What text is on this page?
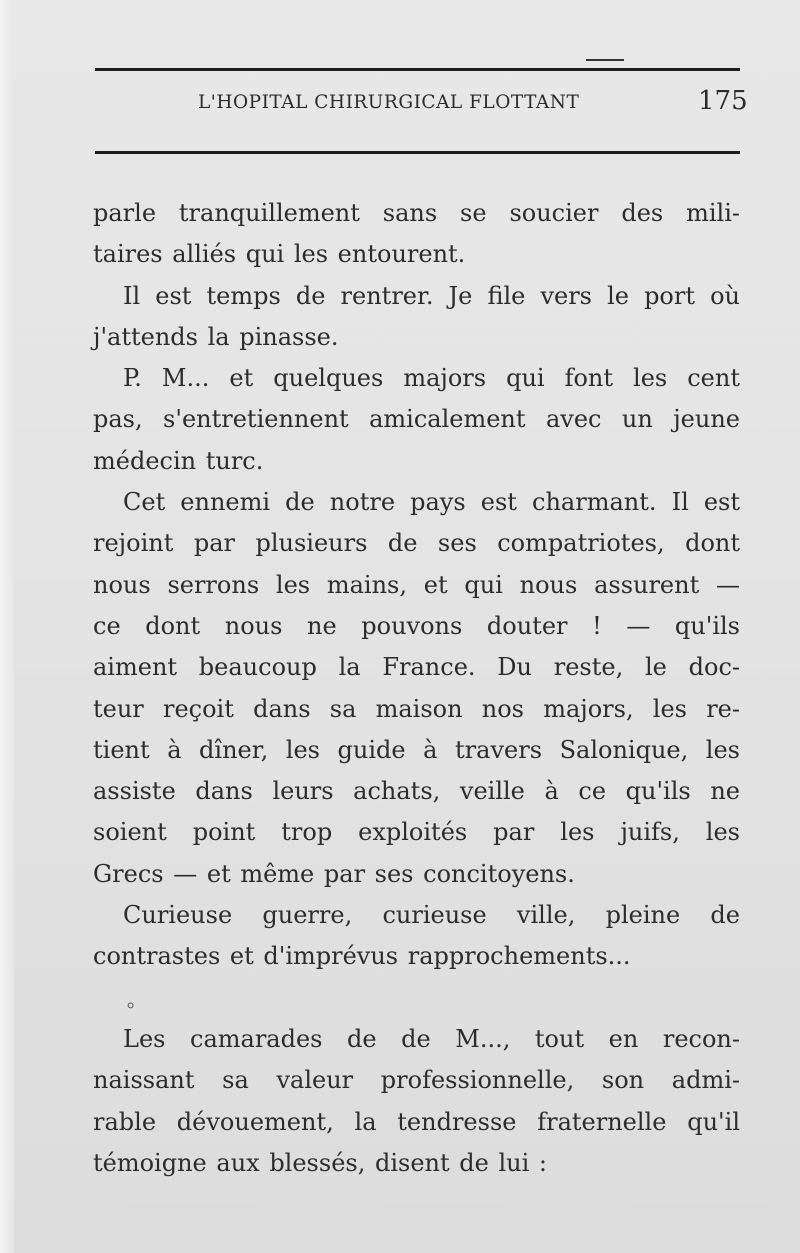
L'HOPITAL CHIRURGICAL FLOTTANT	175
parle tranquillement sans se soucier des mili-
taires alliés qui les entourent.
Il est temps de rentrer. Je file vers le port où
j'attends la pinasse.
P. M... et quelques majors qui font les cent
pas, s'entretiennent amicalement avec un jeune
médecin turc.
Cet ennemi de notre pays est charmant. Il est
rejoint par plusieurs de ses compatriotes, dont
nous serrons les mains, et qui nous assurent —
ce dont nous ne pouvons douter ! — qu'ils
aiment beaucoup la France. Du reste, le doc-
teur reçoit dans sa maison nos majors, les re-
tient à dîner, les guide à travers Salonique, les
assiste dans leurs achats, veille à ce qu'ils ne
soient point trop exploités par les juifs, les
Grecs — et même par ses concitoyens.
Curieuse guerre, curieuse ville, pleine de
contrastes et d'imprévus rapprochements...
Les camarades de de M..., tout en recon-
naissant sa valeur professionnelle, son admi-
rable dévouement, la tendresse fraternelle qu'il
témoigne aux blessés, disent de lui :
⸰
